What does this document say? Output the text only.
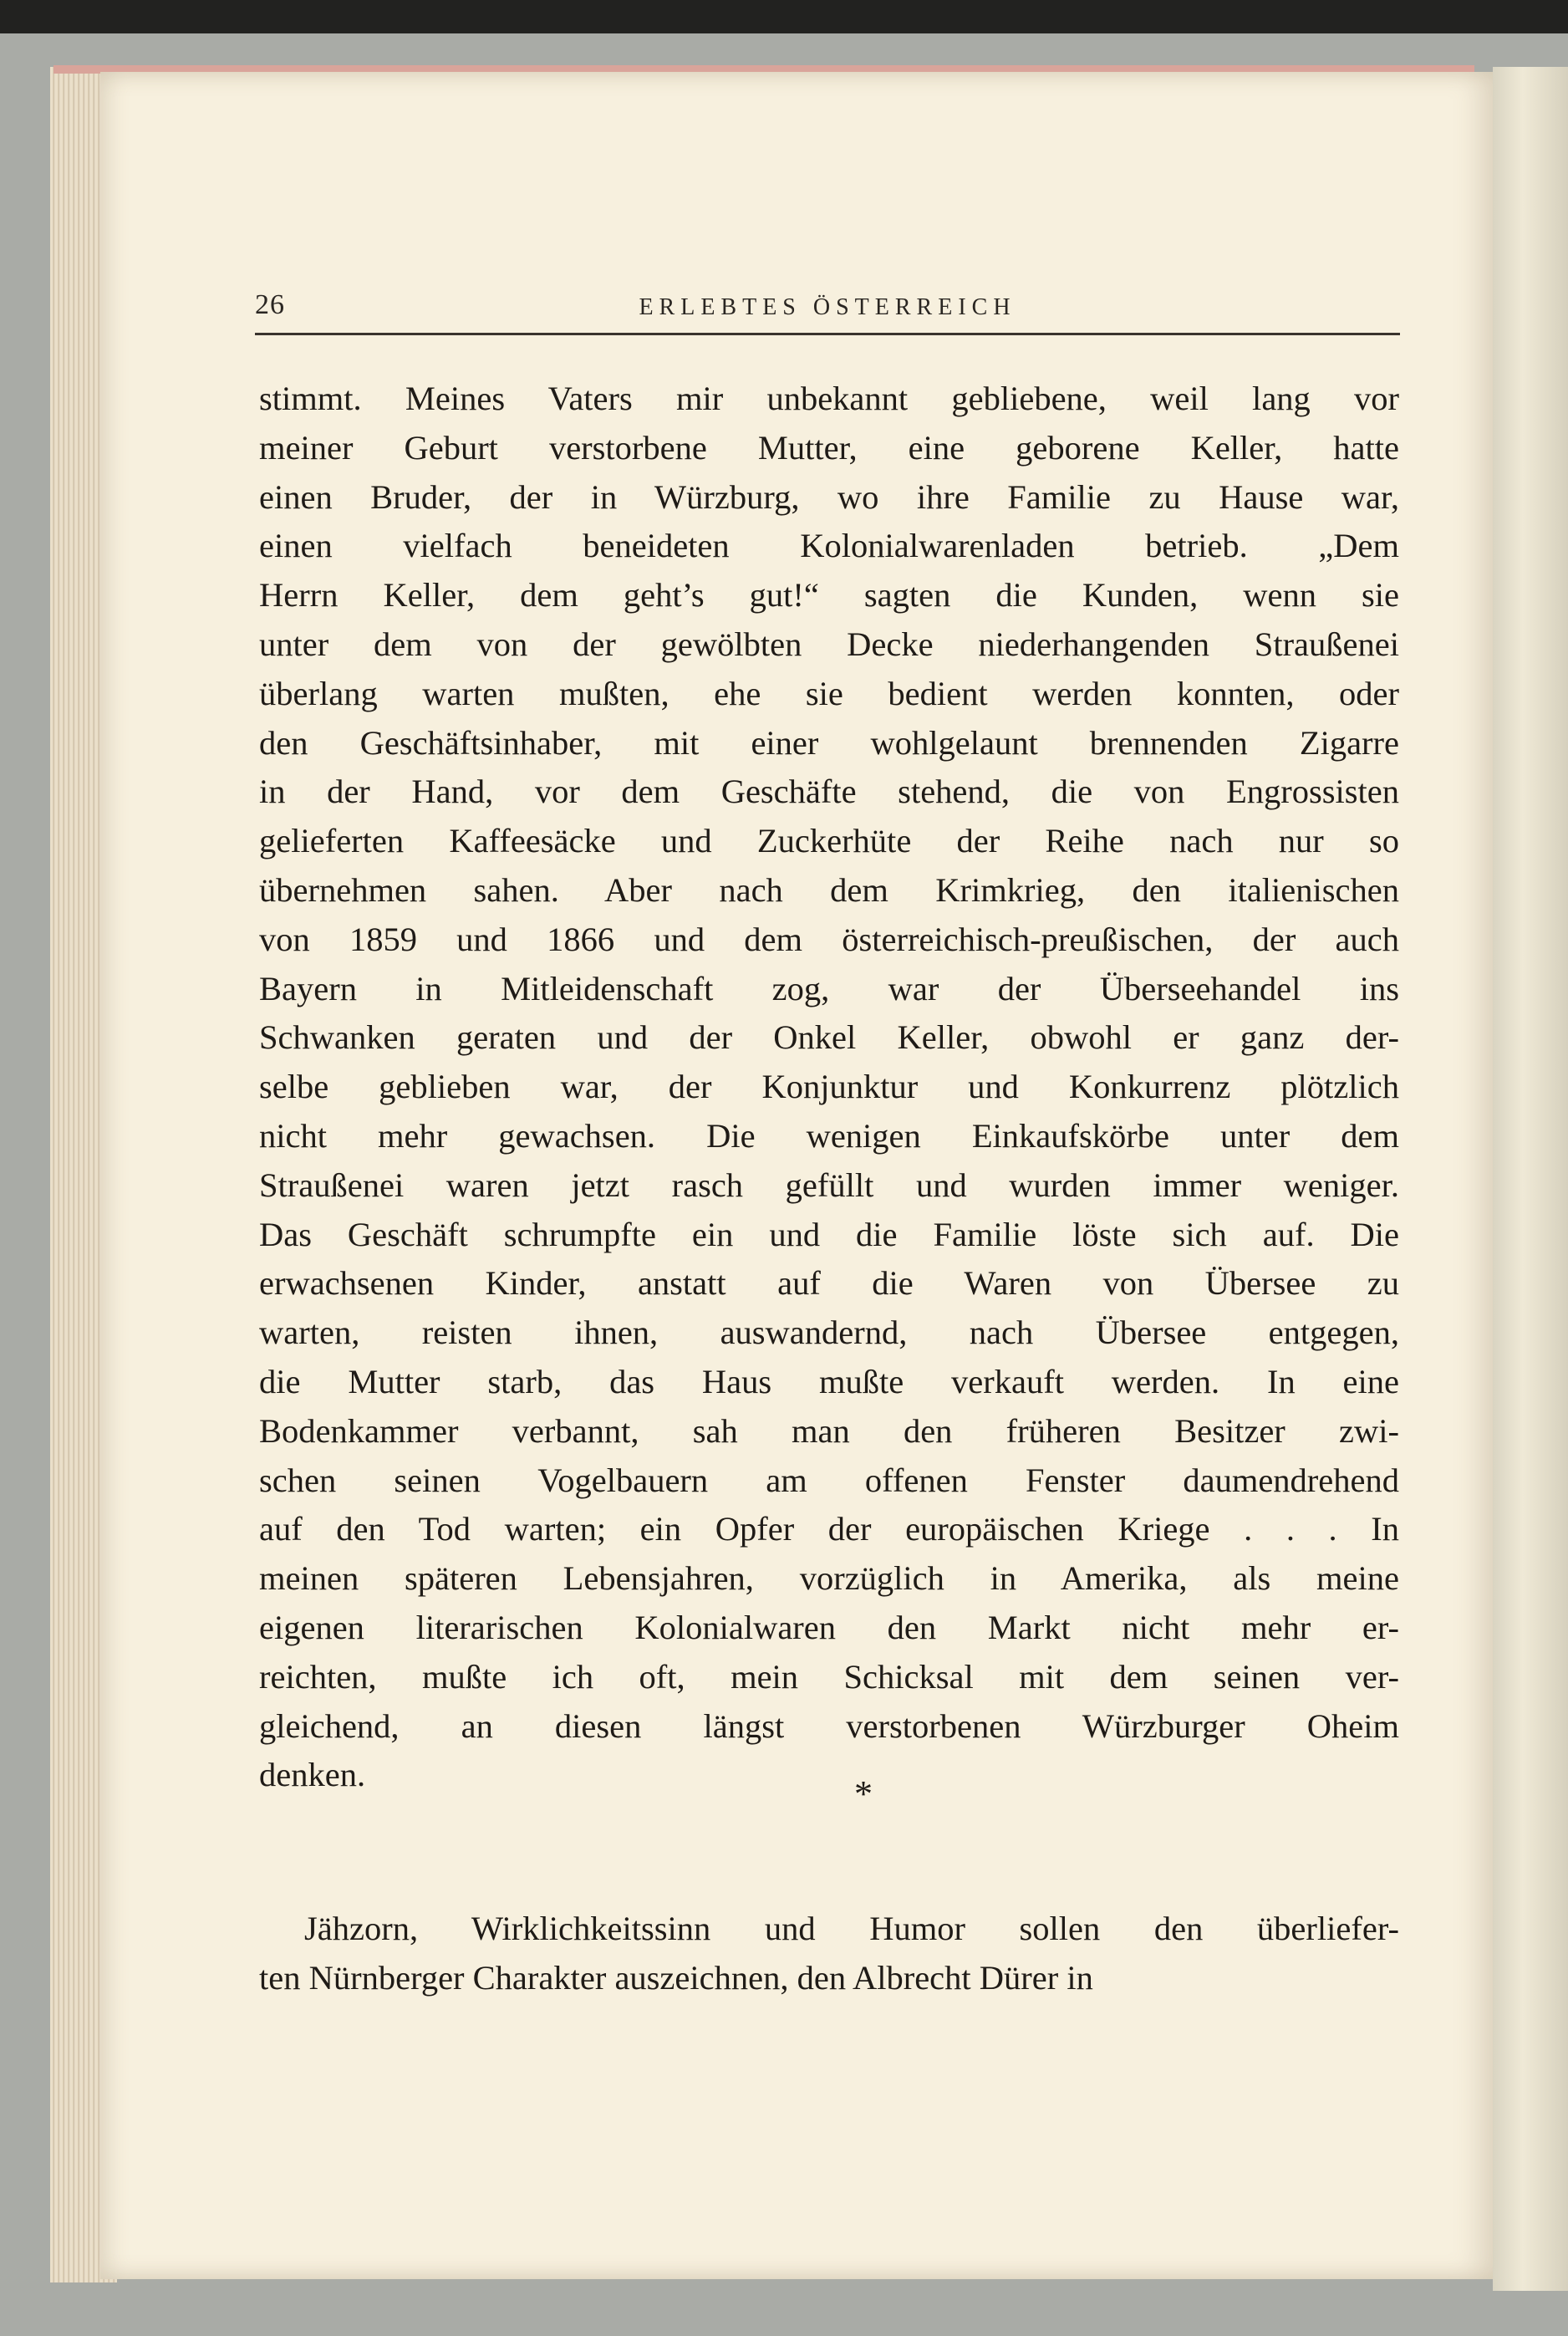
26	ERLEBTES ÖSTERREICH
stimmt. Meines Vaters mir unbekannt gebliebene, weil lang vor
meiner Geburt verstorbene Mutter, eine geborene Keller, hatte
einen Bruder, der in Würzburg, wo ihre Familie zu Hause war,
einen vielfach beneideten Kolonialwarenladen betrieb. „Dem
Herrn Keller, dem geht’s gut!“ sagten die Kunden, wenn sie
unter dem von der gewölbten Decke niederhangenden Straußenei
überlang warten mußten, ehe sie bedient werden konnten, oder
den Geschäftsinhaber, mit einer wohlgelaunt brennenden Zigarre
in der Hand, vor dem Geschäfte stehend, die von Engrossisten
gelieferten Kaffeesäcke und Zuckerhüte der Reihe nach nur so
übernehmen sahen. Aber nach dem Krimkrieg, den italienischen
von 1859 und 1866 und dem österreichisch-preußischen, der auch
Bayern in Mitleidenschaft zog, war der Überseehandel ins
Schwanken geraten und der Onkel Keller, obwohl er ganz der-
selbe geblieben war, der Konjunktur und Konkurrenz plötzlich
nicht mehr gewachsen. Die wenigen Einkaufskörbe unter dem
Straußenei waren jetzt rasch gefüllt und wurden immer weniger.
Das Geschäft schrumpfte ein und die Familie löste sich auf. Die
erwachsenen Kinder, anstatt auf die Waren von Übersee zu
warten, reisten ihnen, auswandernd, nach Übersee entgegen,
die Mutter starb, das Haus mußte verkauft werden. In eine
Bodenkammer verbannt, sah man den früheren Besitzer zwi-
schen seinen Vogelbauern am offenen Fenster daumendrehend
auf den Tod warten; ein Opfer der europäischen Kriege . . . In
meinen späteren Lebensjahren, vorzüglich in Amerika, als meine
eigenen literarischen Kolonialwaren den Markt nicht mehr er-
reichten, mußte ich oft, mein Schicksal mit dem seinen ver-
gleichend, an diesen längst verstorbenen Würzburger Oheim
denken.	*
Jähzorn, Wirklichkeitssinn und Humor sollen den überliefer-
ten Nürnberger Charakter auszeichnen, den Albrecht Dürer in
